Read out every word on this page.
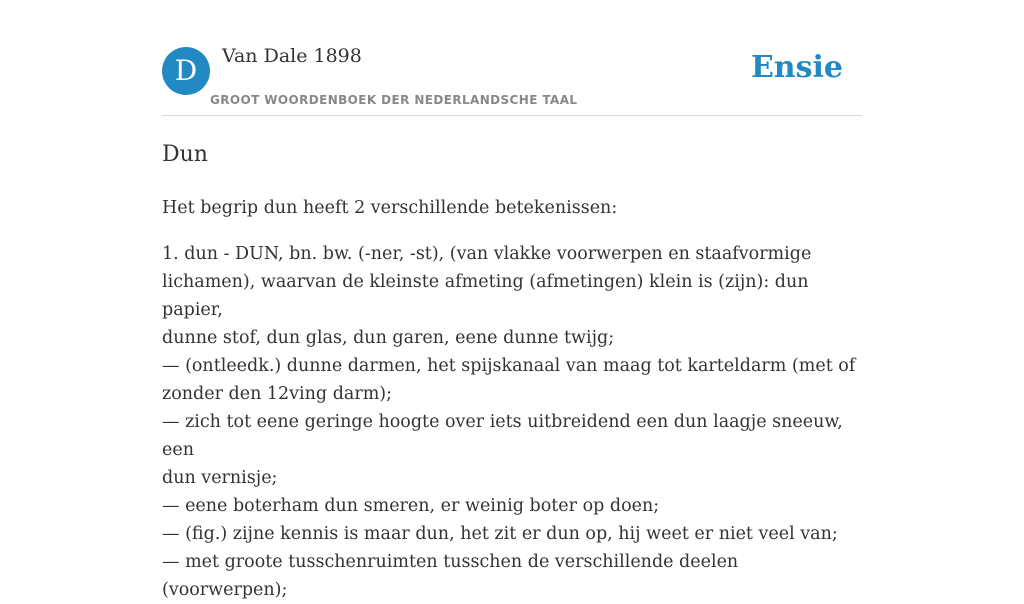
D	Van Dale 1898
GROOT WOORDENBOEK DER NEDERLANDSCHE TAAL
Ensie
Dun

Het begrip dun heeft 2 verschillende betekenissen:

1. dun - DUN, bn. bw. (-ner, -st), (van vlakke voorwerpen en staafvormige
lichamen), waarvan de kleinste afmeting (afmetingen) klein is (zijn): dun papier,
dunne stof, dun glas, dun garen, eene dunne twijg;
— (ontleedk.) dunne darmen, het spijskanaal van maag tot karteldarm (met of
zonder den 12ving darm);
— zich tot eene geringe hoogte over iets uitbreidend een dun laagje sneeuw, een
dun vernisje;
— eene boterham dun smeren, er weinig boter op doen;
— (fig.) zijne kennis is maar dun, het zit er dun op, hij weet er niet veel van;
— met groote tusschenruimten tusschen de verschillende deelen (voorwerpen);
